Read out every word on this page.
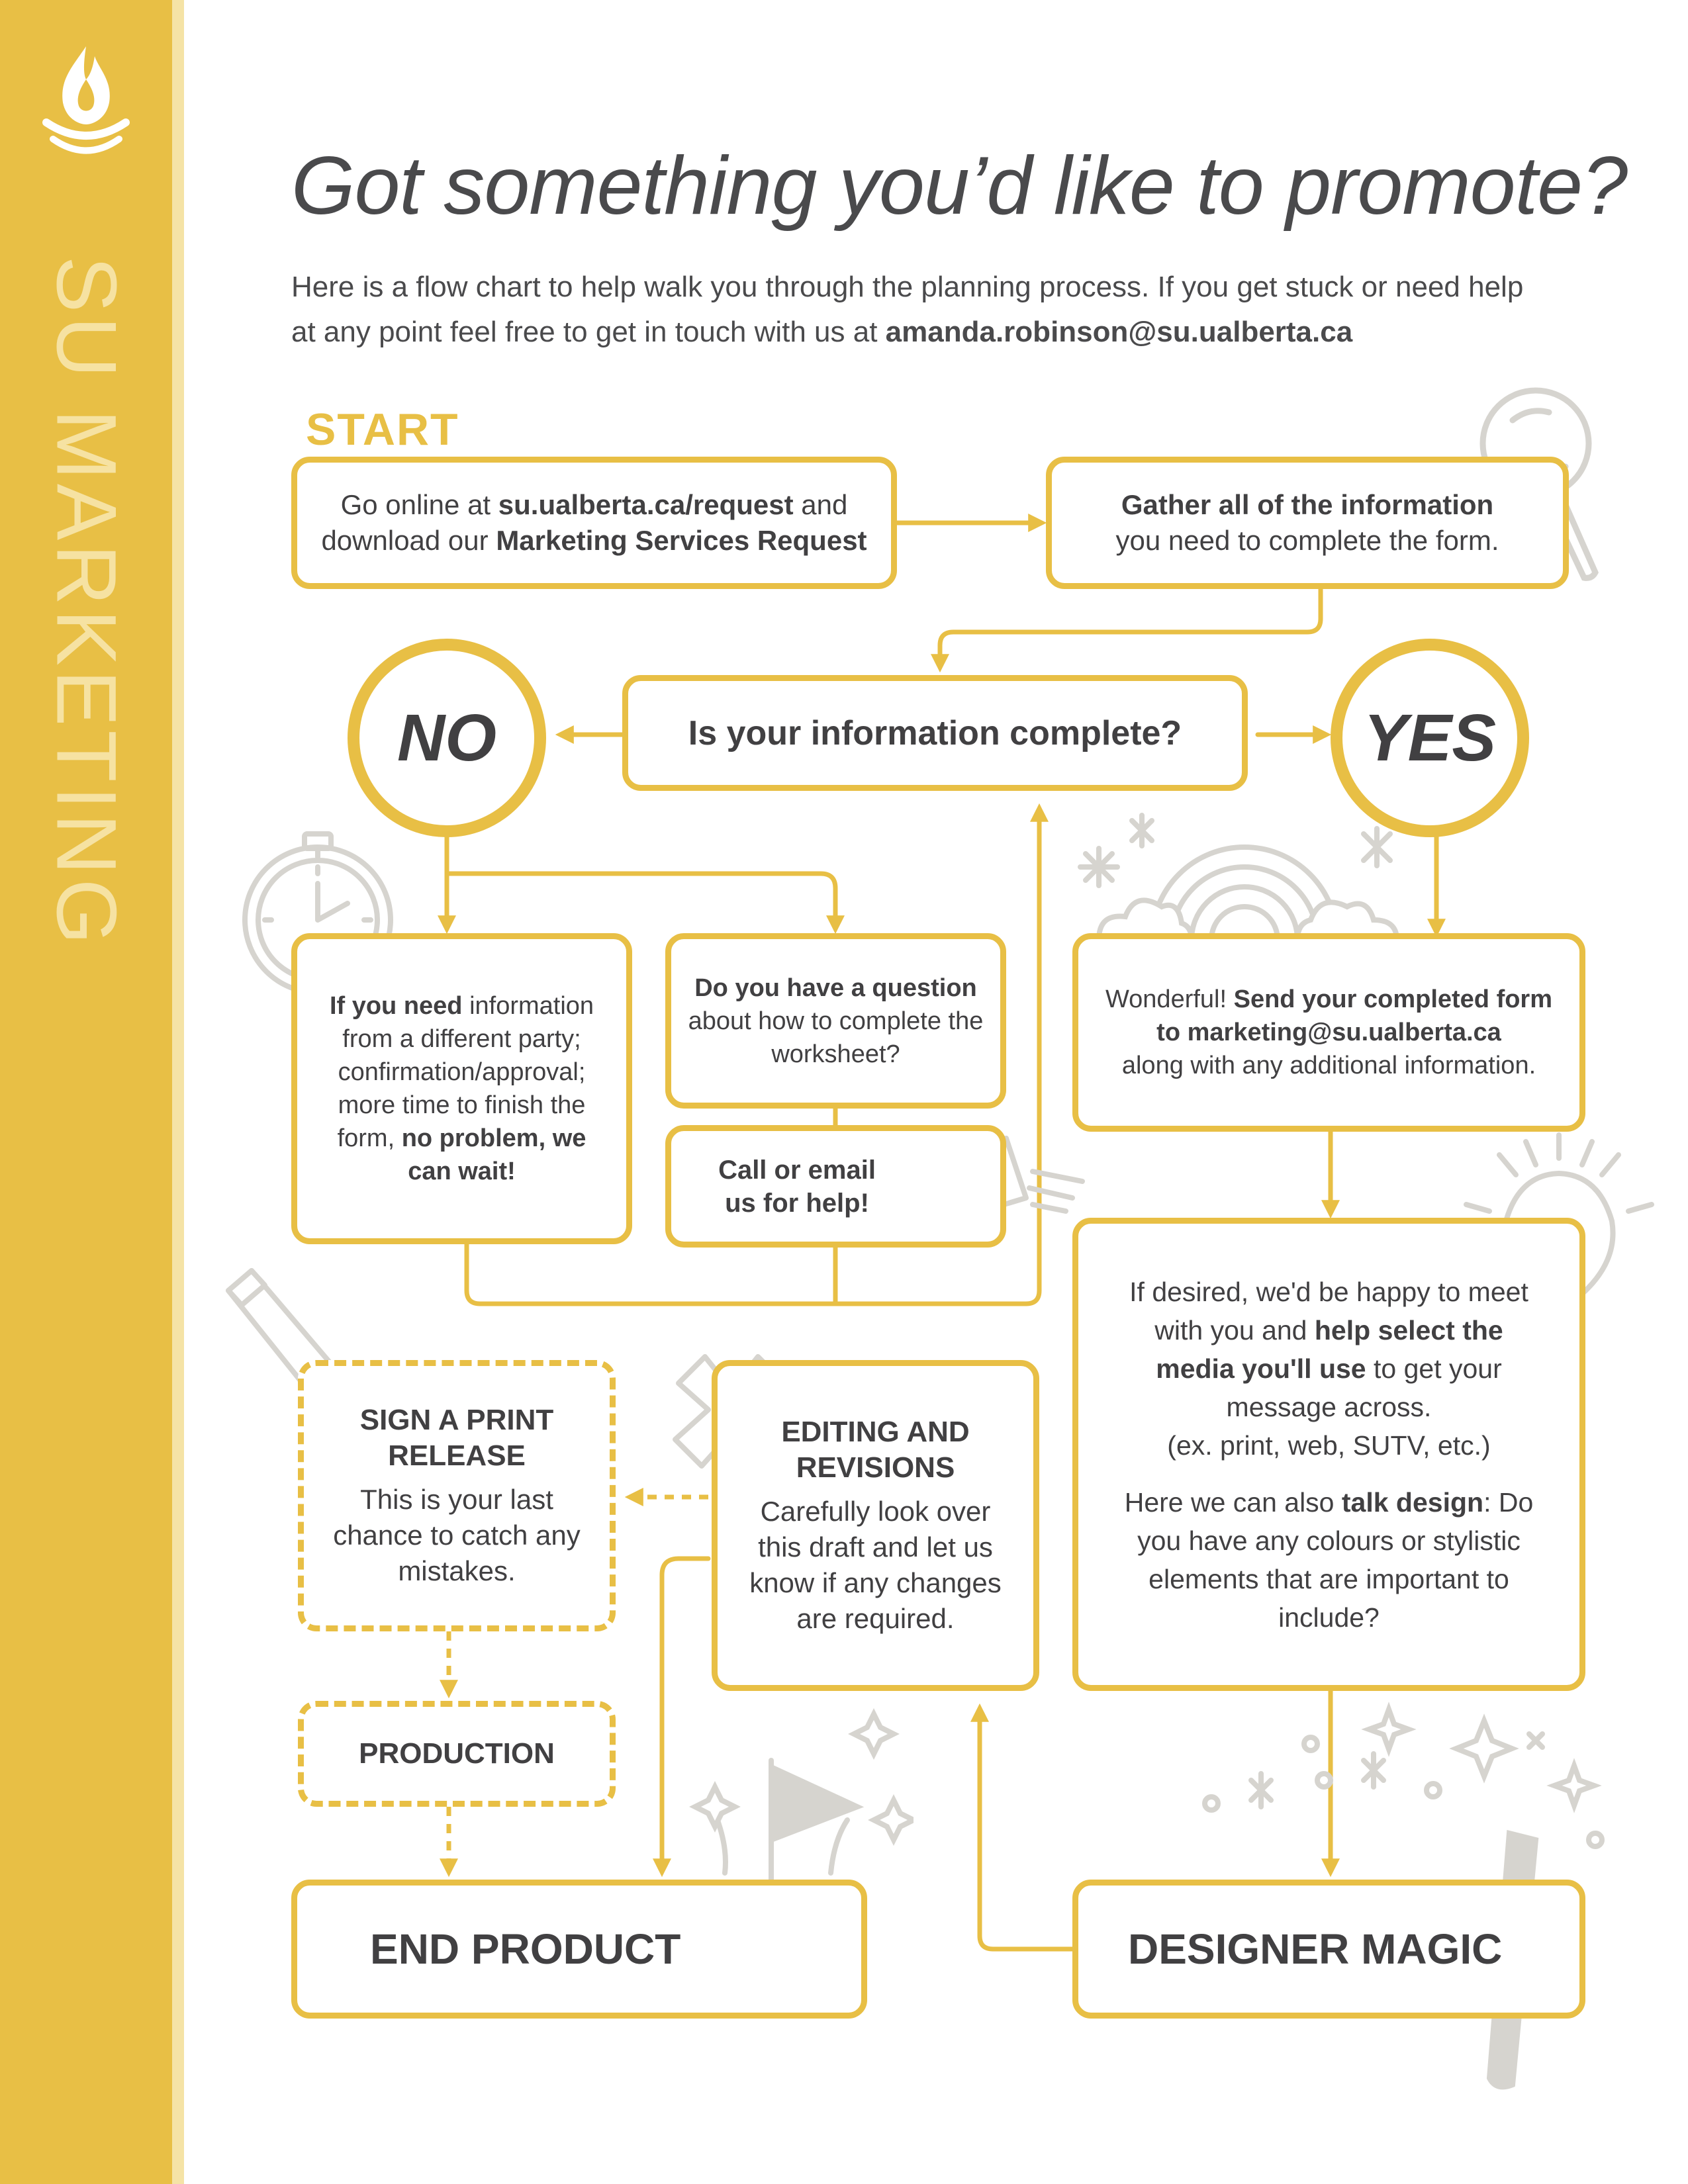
SU MARKETING
Got something you’d like to promote?
Here is a flow chart to help walk you through the planning process. If you get stuck or need help at any point feel free to get in touch with us at amanda.robinson@su.ualberta.ca
START
Go online at su.ualberta.ca/request and download our Marketing Services Request
Gather all of the information
you need to complete the form.
Is your information complete?
NO	YES
If you need information from a different party; confirmation/approval; more time to finish the form, no problem, we can wait!
Do you have a question
about how to complete the worksheet?
Call or email us for help!
Wonderful! Send your completed form to marketing@su.ualberta.ca
along with any additional information.
If desired, we'd be happy to meet with you and help select the media you'll use to get your message across.
(ex. print, web, SUTV, etc.)
Here we can also talk design: Do you have any colours or stylistic elements that are important to include?
SIGN A PRINT RELEASE
This is your last chance to catch any mistakes.
EDITING AND REVISIONS
Carefully look over this draft and let us know if any changes are required.
PRODUCTION
END PRODUCT	DESIGNER MAGIC
